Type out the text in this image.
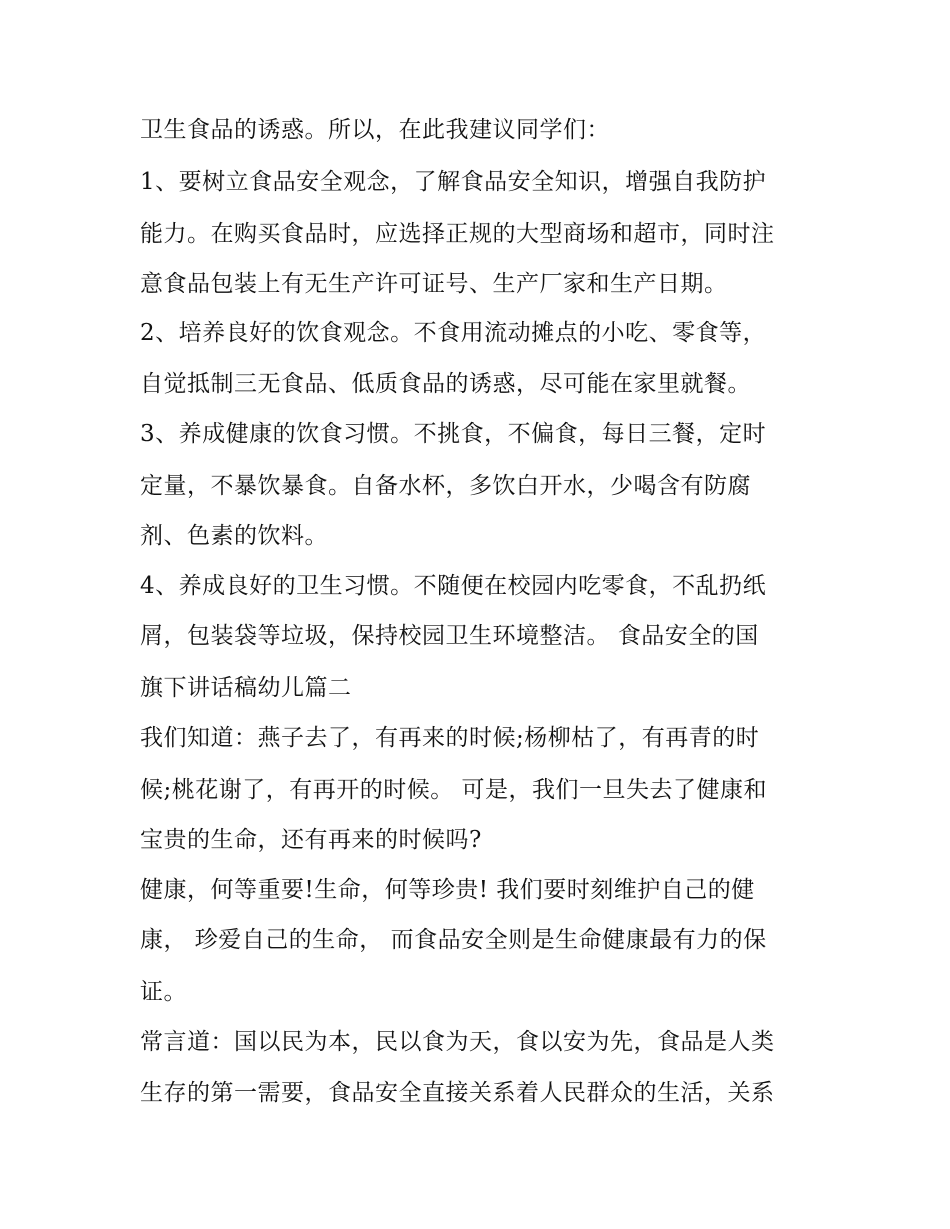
卫生食品的诱惑。所以，在此我建议同学们：
1、要树立食品安全观念，了解食品安全知识，增强自我防护
能力。在购买食品时，应选择正规的大型商场和超市，同时注
意食品包装上有无生产许可证号、生产厂家和生产日期。
2、培养良好的饮食观念。不食用流动摊点的小吃、零食等，
自觉抵制三无食品、低质食品的诱惑，尽可能在家里就餐。
3、养成健康的饮食习惯。不挑食，不偏食，每日三餐，定时
定量，不暴饮暴食。自备水杯，多饮白开水，少喝含有防腐
剂、色素的饮料。
4、养成良好的卫生习惯。不随便在校园内吃零食，不乱扔纸
屑，包装袋等垃圾，保持校园卫生环境整洁。 食品安全的国
旗下讲话稿幼儿篇二
我们知道：燕子去了，有再来的时候;杨柳枯了，有再青的时
候;桃花谢了，有再开的时候。 可是，我们一旦失去了健康和
宝贵的生命，还有再来的时候吗?
健康，何等重要!生命，何等珍贵! 我们要时刻维护自己的健
康， 珍爱自己的生命， 而食品安全则是生命健康最有力的保
证。
常言道：国以民为本，民以食为天，食以安为先，食品是人类
生存的第一需要，食品安全直接关系着人民群众的生活，关系
